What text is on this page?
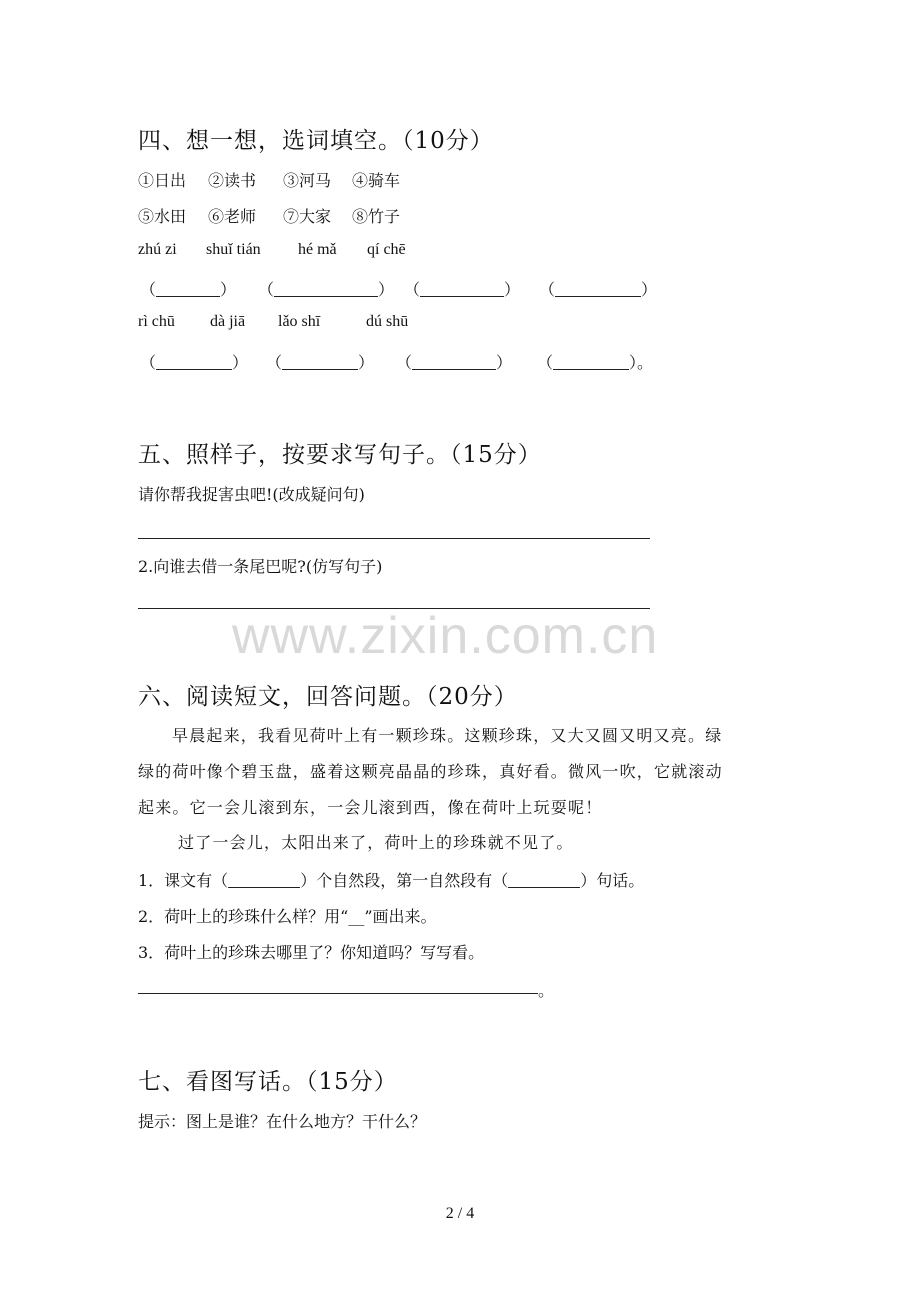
www.zixin.com.cn
四、想一想，选词填空。（10分）
①日出 ②读书 ③河马 ④骑车
⑤水田 ⑥老师 ⑦大家 ⑧竹子
zhú zi shuǐ tián hé mǎ qí chē
（	） （	） （	） （	）
rì chū dà jiā lǎo shī	dú shū
（	） （	） （	） （	）。
五、照样子，按要求写句子。（15分）
请你帮我捉害虫吧!(改成疑问句)
2.向谁去借一条尾巴呢?(仿写句子)
六、阅读短文，回答问题。（20分）
早晨起来，我看见荷叶上有一颗珍珠。这颗珍珠，又大又圆又明又亮。绿
绿的荷叶像个碧玉盘，盛着这颗亮晶晶的珍珠，真好看。微风一吹，它就滚动
起来。它一会儿滚到东，一会儿滚到西，像在荷叶上玩耍呢！
过了一会儿，太阳出来了，荷叶上的珍珠就不见了。
1．课文有（	）个自然段，第一自然段有（	）句话。
2．荷叶上的珍珠什么样？用“__”画出来。
3．荷叶上的珍珠去哪里了？你知道吗？写写看。
。
七、看图写话。（15分）
提示：图上是谁？在什么地方？干什么？
2 / 4
